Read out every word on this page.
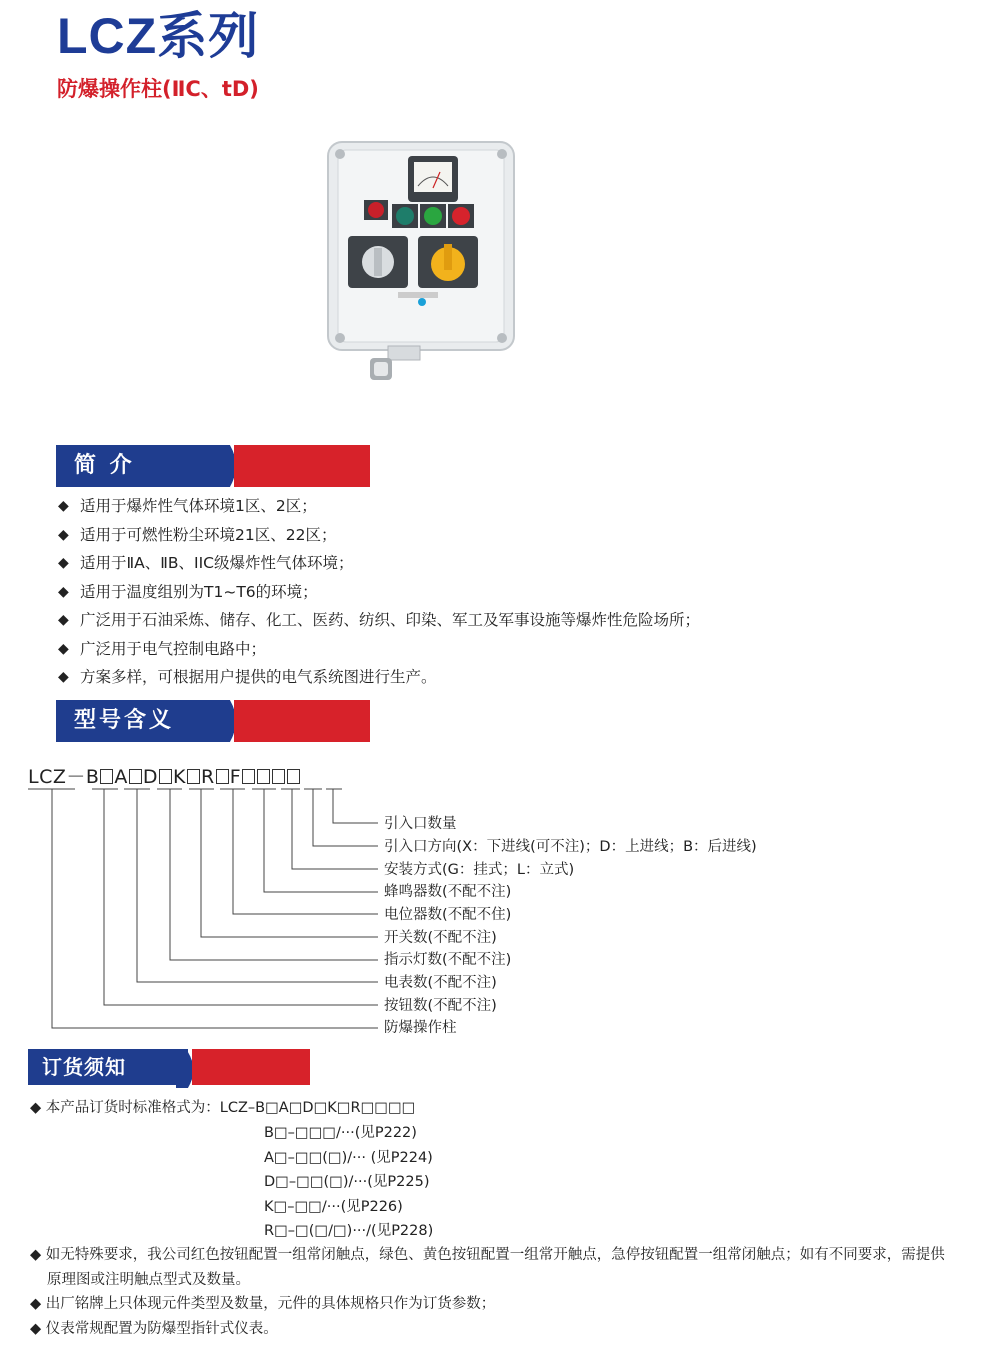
LCZ系列
防爆操作柱(ⅡC、tD)
简 介
◆ 适用于爆炸性气体环境1区、2区；
◆ 适用于可燃性粉尘环境21区、22区；
◆ 适用于ⅡA、ⅡB、IIC级爆炸性气体环境；
◆ 适用于温度组别为T1~T6的环境；
◆ 广泛用于石油采炼、储存、化工、医药、纺织、印染、军工及军事设施等爆炸性危险场所；
◆ 广泛用于电气控制电路中；
◆ 方案多样，可根据用户提供的电气系统图进行生产。
型号含义
LCZ－B A D K R F
引入口数量
引入口方向(X：下进线(可不注)；D：上进线；B：后进线)
安装方式(G：挂式；L：立式)
蜂鸣器数(不配不注)
电位器数(不配不住)
开关数(不配不注)
指示灯数(不配不注)
电表数(不配不注)
按钮数(不配不注)
防爆操作柱
订货须知
◆ 本产品订货时标准格式为：LCZ–B□A□D□K□R□□□□
B□–□□□/···(见P222)
A□–□□(□)/··· (见P224)
D□–□□(□)/···(见P225)
K□–□□/···(见P226)
R□–□(□/□)···/(见P228)
◆ 如无特殊要求，我公司红色按钮配置一组常闭触点，绿色、黄色按钮配置一组常开触点，急停按钮配置一组常闭触点；如有不同要求，需提供
原理图或注明触点型式及数量。
◆ 出厂铭牌上只体现元件类型及数量，元件的具体规格只作为订货参数；
◆ 仪表常规配置为防爆型指针式仪表。
